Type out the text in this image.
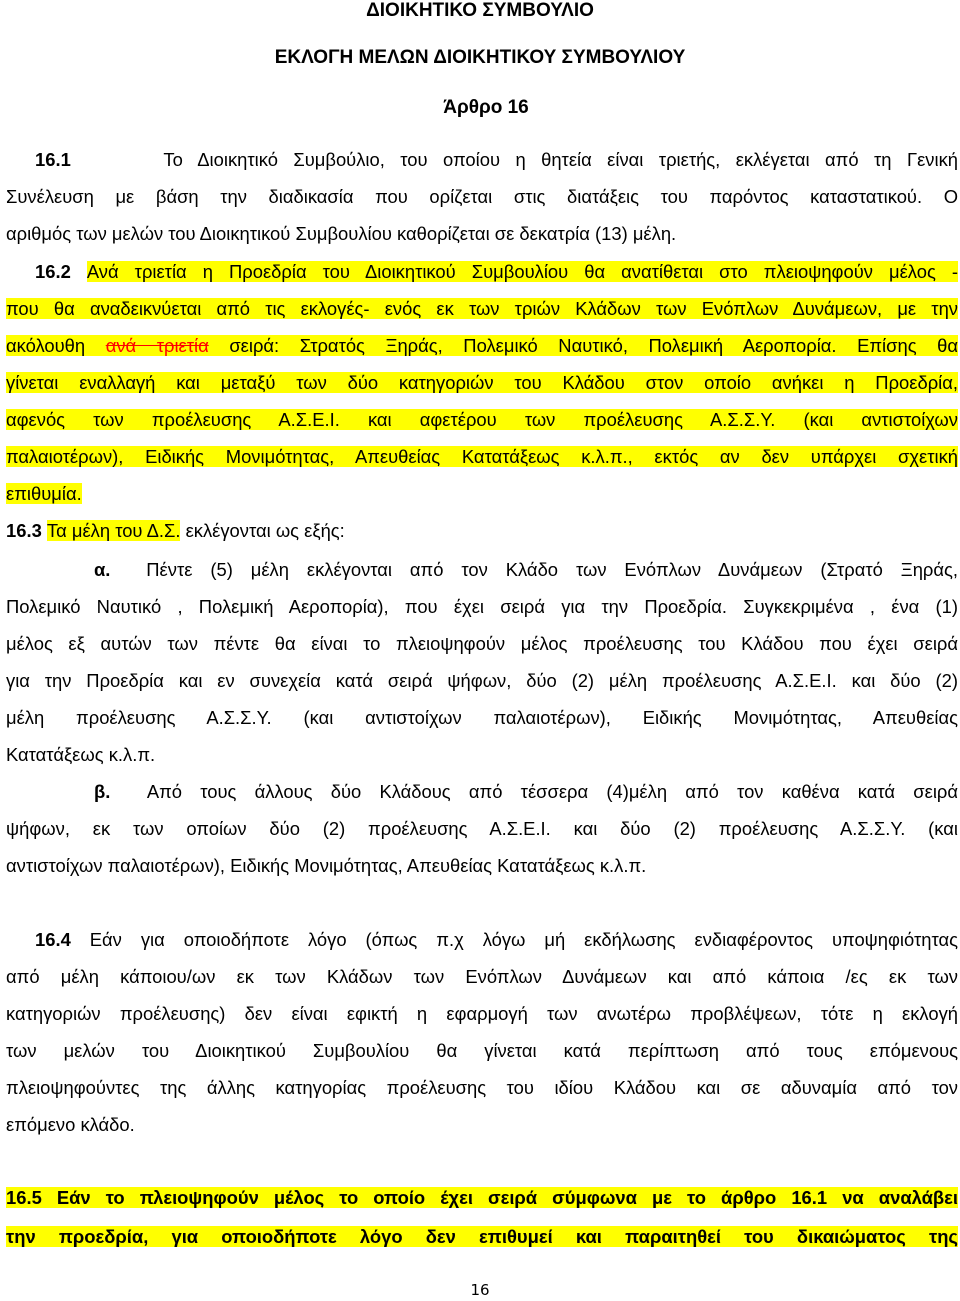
ΔΙΟΙΚΗΤΙΚΟ ΣΥΜΒΟΥΛΙΟ
ΕΚΛΟΓΗ ΜΕΛΩΝ ΔΙΟΙΚΗΤΙΚΟΥ ΣΥΜΒΟΥΛΙΟΥ
Άρθρο 16
16.1	Το Διοικητικό Συμβούλιο, του οποίου η θητεία είναι τριετής, εκλέγεται από τη Γενική
Συνέλευση με βάση την διαδικασία που ορίζεται στις διατάξεις του παρόντος καταστατικού. Ο
αριθμός των μελών του Διοικητικού Συμβουλίου καθορίζεται σε δεκατρία (13) μέλη.
16.2 Ανά τριετία η Προεδρία του Διοικητικού Συμβουλίου θα ανατίθεται στο πλειοψηφούν μέλος -
που θα αναδεικνύεται από τις εκλογές- ενός εκ των τριών Κλάδων των Ενόπλων Δυνάμεων, με την
ακόλουθη ανά τριετία σειρά: Στρατός Ξηράς, Πολεμικό Ναυτικό, Πολεμική Αεροπορία. Επίσης θα
γίνεται εναλλαγή και μεταξύ των δύο κατηγοριών του Κλάδου στον οποίο ανήκει η Προεδρία,
αφενός των προέλευσης Α.Σ.Ε.Ι. και αφετέρου των προέλευσης Α.Σ.Σ.Υ. (και αντιστοίχων
παλαιοτέρων), Ειδικής Μονιμότητας, Απευθείας Κατατάξεως κ.λ.π., εκτός αν δεν υπάρχει σχετική
επιθυμία.
16.3 Τα μέλη του Δ.Σ. εκλέγονται ως εξής:
α. Πέντε (5) μέλη εκλέγονται από τον Κλάδο των Ενόπλων Δυνάμεων (Στρατό Ξηράς,
Πολεμικό Ναυτικό , Πολεμική Αεροπορία), που έχει σειρά για την Προεδρία. Συγκεκριμένα , ένα (1)
μέλος εξ αυτών των πέντε θα είναι το πλειοψηφούν μέλος προέλευσης του Κλάδου που έχει σειρά
για την Προεδρία και εν συνεχεία κατά σειρά ψήφων, δύο (2) μέλη προέλευσης Α.Σ.Ε.Ι. και δύο (2)
μέλη προέλευσης Α.Σ.Σ.Υ. (και αντιστοίχων παλαιοτέρων), Ειδικής Μονιμότητας, Απευθείας
Κατατάξεως κ.λ.π.
β. Από τους άλλους δύο Κλάδους από τέσσερα (4)μέλη από τον καθένα κατά σειρά
ψήφων, εκ των οποίων δύο (2) προέλευσης Α.Σ.Ε.Ι. και δύο (2) προέλευσης Α.Σ.Σ.Υ. (και
αντιστοίχων παλαιοτέρων), Ειδικής Μονιμότητας, Απευθείας Κατατάξεως κ.λ.π.
16.4 Εάν για οποιοδήποτε λόγο (όπως π.χ λόγω μή εκδήλωσης ενδιαφέροντος υποψηφιότητας
από μέλη κάποιου/ων εκ των Κλάδων των Ενόπλων Δυνάμεων και από κάποια /ες εκ των
κατηγοριών προέλευσης) δεν είναι εφικτή η εφαρμογή των ανωτέρω προβλέψεων, τότε η εκλογή
των μελών του Διοικητικού Συμβουλίου θα γίνεται κατά περίπτωση από τους επόμενους
πλειοψηφούντες της άλλης κατηγορίας προέλευσης του ιδίου Κλάδου και σε αδυναμία από τον
επόμενο κλάδο.
16.5 Εάν το πλειοψηφούν μέλος το οποίο έχει σειρά σύμφωνα με το άρθρο 16.1 να αναλάβει
την προεδρία, για οποιοδήποτε λόγο δεν επιθυμεί και παραιτηθεί του δικαιώματος της
16
